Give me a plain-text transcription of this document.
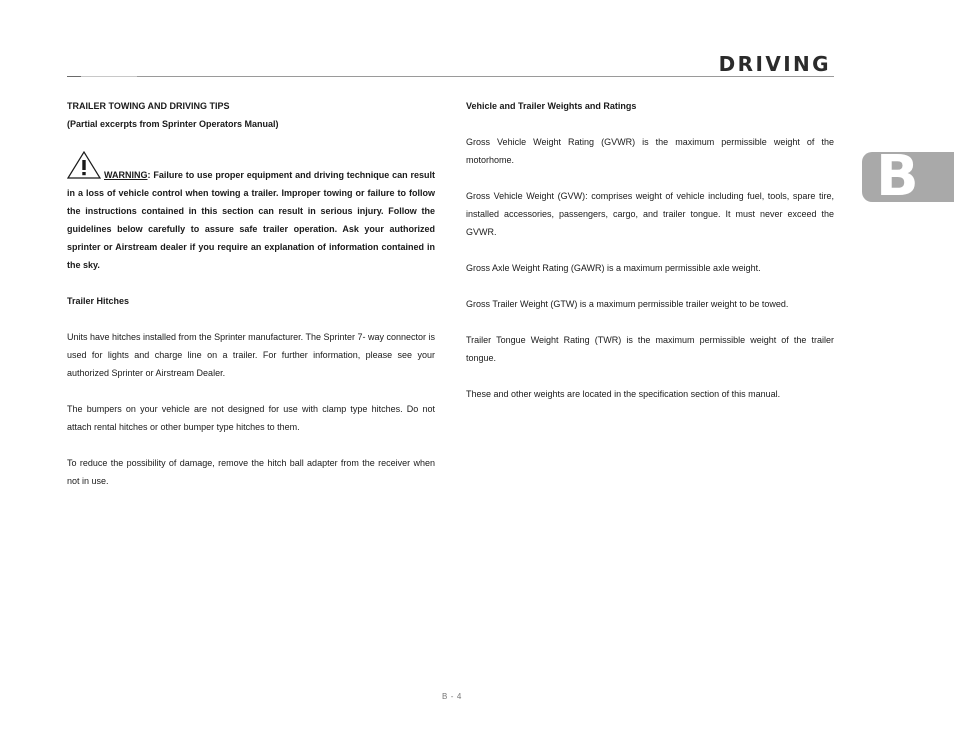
DRIVING
B
TRAILER TOWING AND DRIVING TIPS
(Partial excerpts from Sprinter Operators Manual)
WARNING: Failure to use proper equipment and driving technique can result in a loss of vehicle control when towing a trailer. Improper towing or failure to follow the instructions contained in this section can result in serious injury. Follow the guidelines below carefully to assure safe trailer operation. Ask your authorized sprinter or Airstream dealer if you require an explanation of information contained in the sky.
Trailer Hitches
Units have hitches installed from the Sprinter manufacturer. The Sprinter 7- way connector is used for lights and charge line on a trailer. For further information, please see your authorized Sprinter or Airstream Dealer.
The bumpers on your vehicle are not designed for use with clamp type hitches. Do not attach rental hitches or other bumper type hitches to them.
To reduce the possibility of damage, remove the hitch ball adapter from the receiver when not in use.
Vehicle and Trailer Weights and Ratings
Gross Vehicle Weight Rating (GVWR) is the maximum permissible weight of the motorhome.
Gross Vehicle Weight (GVW): comprises weight of vehicle including fuel, tools, spare tire, installed accessories, passengers, cargo, and trailer tongue. It must never exceed the GVWR.
Gross Axle Weight Rating (GAWR) is a maximum permissible axle weight.
Gross Trailer Weight (GTW) is a maximum permissible trailer weight to be towed.
Trailer Tongue Weight Rating (TWR) is the maximum permissible weight of the trailer tongue.
These and other weights are located in the specification section of this manual.
B - 4
